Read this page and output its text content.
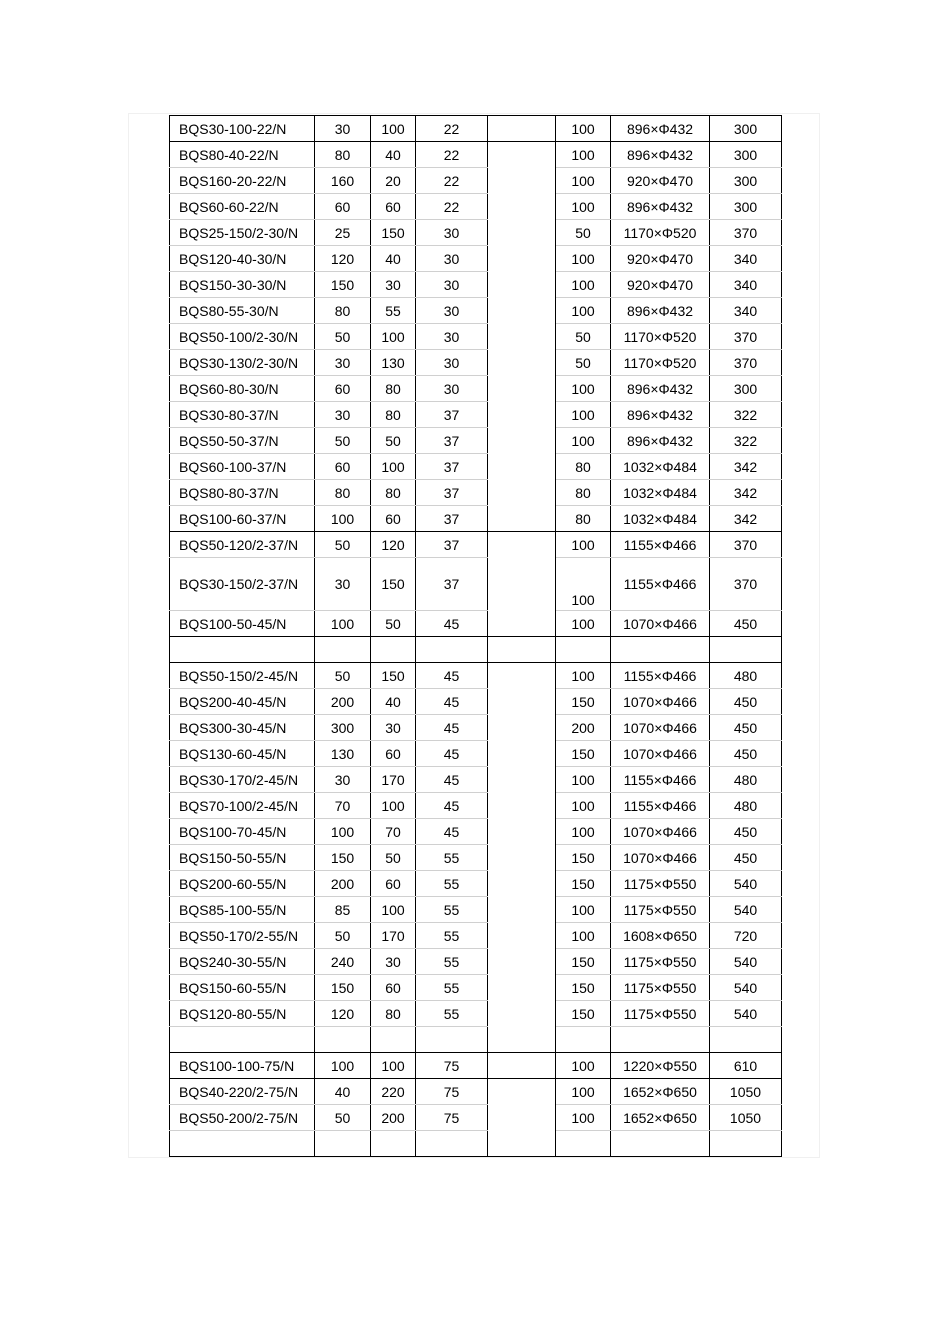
BQS30-100-22/N	30	100	22		100	896×Φ432	300
BQS80-40-22/N	80	40	22		100	896×Φ432	300
BQS160-20-22/N	160	20	22		100	920×Φ470	300
BQS60-60-22/N	60	60	22		100	896×Φ432	300
BQS25-150/2-30/N	25	150	30		50	1170×Φ520	370
BQS120-40-30/N	120	40	30		100	920×Φ470	340
BQS150-30-30/N	150	30	30		100	920×Φ470	340
BQS80-55-30/N	80	55	30		100	896×Φ432	340
BQS50-100/2-30/N	50	100	30		50	1170×Φ520	370
BQS30-130/2-30/N	30	130	30		50	1170×Φ520	370
BQS60-80-30/N	60	80	30		100	896×Φ432	300
BQS30-80-37/N	30	80	37		100	896×Φ432	322
BQS50-50-37/N	50	50	37		100	896×Φ432	322
BQS60-100-37/N	60	100	37		80	1032×Φ484	342
BQS80-80-37/N	80	80	37		80	1032×Φ484	342
BQS100-60-37/N	100	60	37		80	1032×Φ484	342
BQS50-120/2-37/N	50	120	37		100	1155×Φ466	370
BQS30-150/2-37/N	30	150	37		100	1155×Φ466	370
BQS100-50-45/N	100	50	45		100	1070×Φ466	450

BQS50-150/2-45/N	50	150	45		100	1155×Φ466	480
BQS200-40-45/N	200	40	45		150	1070×Φ466	450
BQS300-30-45/N	300	30	45		200	1070×Φ466	450
BQS130-60-45/N	130	60	45		150	1070×Φ466	450
BQS30-170/2-45/N	30	170	45		100	1155×Φ466	480
BQS70-100/2-45/N	70	100	45		100	1155×Φ466	480
BQS100-70-45/N	100	70	45		100	1070×Φ466	450
BQS150-50-55/N	150	50	55		150	1070×Φ466	450
BQS200-60-55/N	200	60	55		150	1175×Φ550	540
BQS85-100-55/N	85	100	55		100	1175×Φ550	540
BQS50-170/2-55/N	50	170	55		100	1608×Φ650	720
BQS240-30-55/N	240	30	55		150	1175×Φ550	540
BQS150-60-55/N	150	60	55		150	1175×Φ550	540
BQS120-80-55/N	120	80	55		150	1175×Φ550	540

BQS100-100-75/N	100	100	75		100	1220×Φ550	610
BQS40-220/2-75/N	40	220	75		100	1652×Φ650	1050
BQS50-200/2-75/N	50	200	75		100	1652×Φ650	1050
